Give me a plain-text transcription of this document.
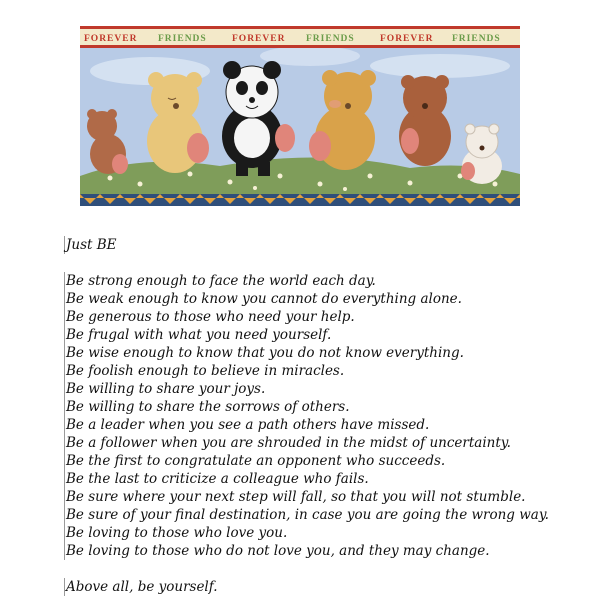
FOREVER FRIENDS	FOREVER FRIENDS	FOREVER FRIENDS
Just BE
Be strong enough to face the world each day.
Be weak enough to know you cannot do everything alone.
Be generous to those who need your help.
Be frugal with what you need yourself.
Be wise enough to know that you do not know everything.
Be foolish enough to believe in miracles.
Be willing to share your joys.
Be willing to share the sorrows of others.
Be a leader when you see a path others have missed.
Be a follower when you are shrouded in the midst of uncertainty.
Be the first to congratulate an opponent who succeeds.
Be the last to criticize a colleague who fails.
Be sure where your next step will fall, so that you will not stumble.
Be sure of your final destination, in case you are going the wrong way.
Be loving to those who love you.
Be loving to those who do not love you, and they may change.
Above all, be yourself.
